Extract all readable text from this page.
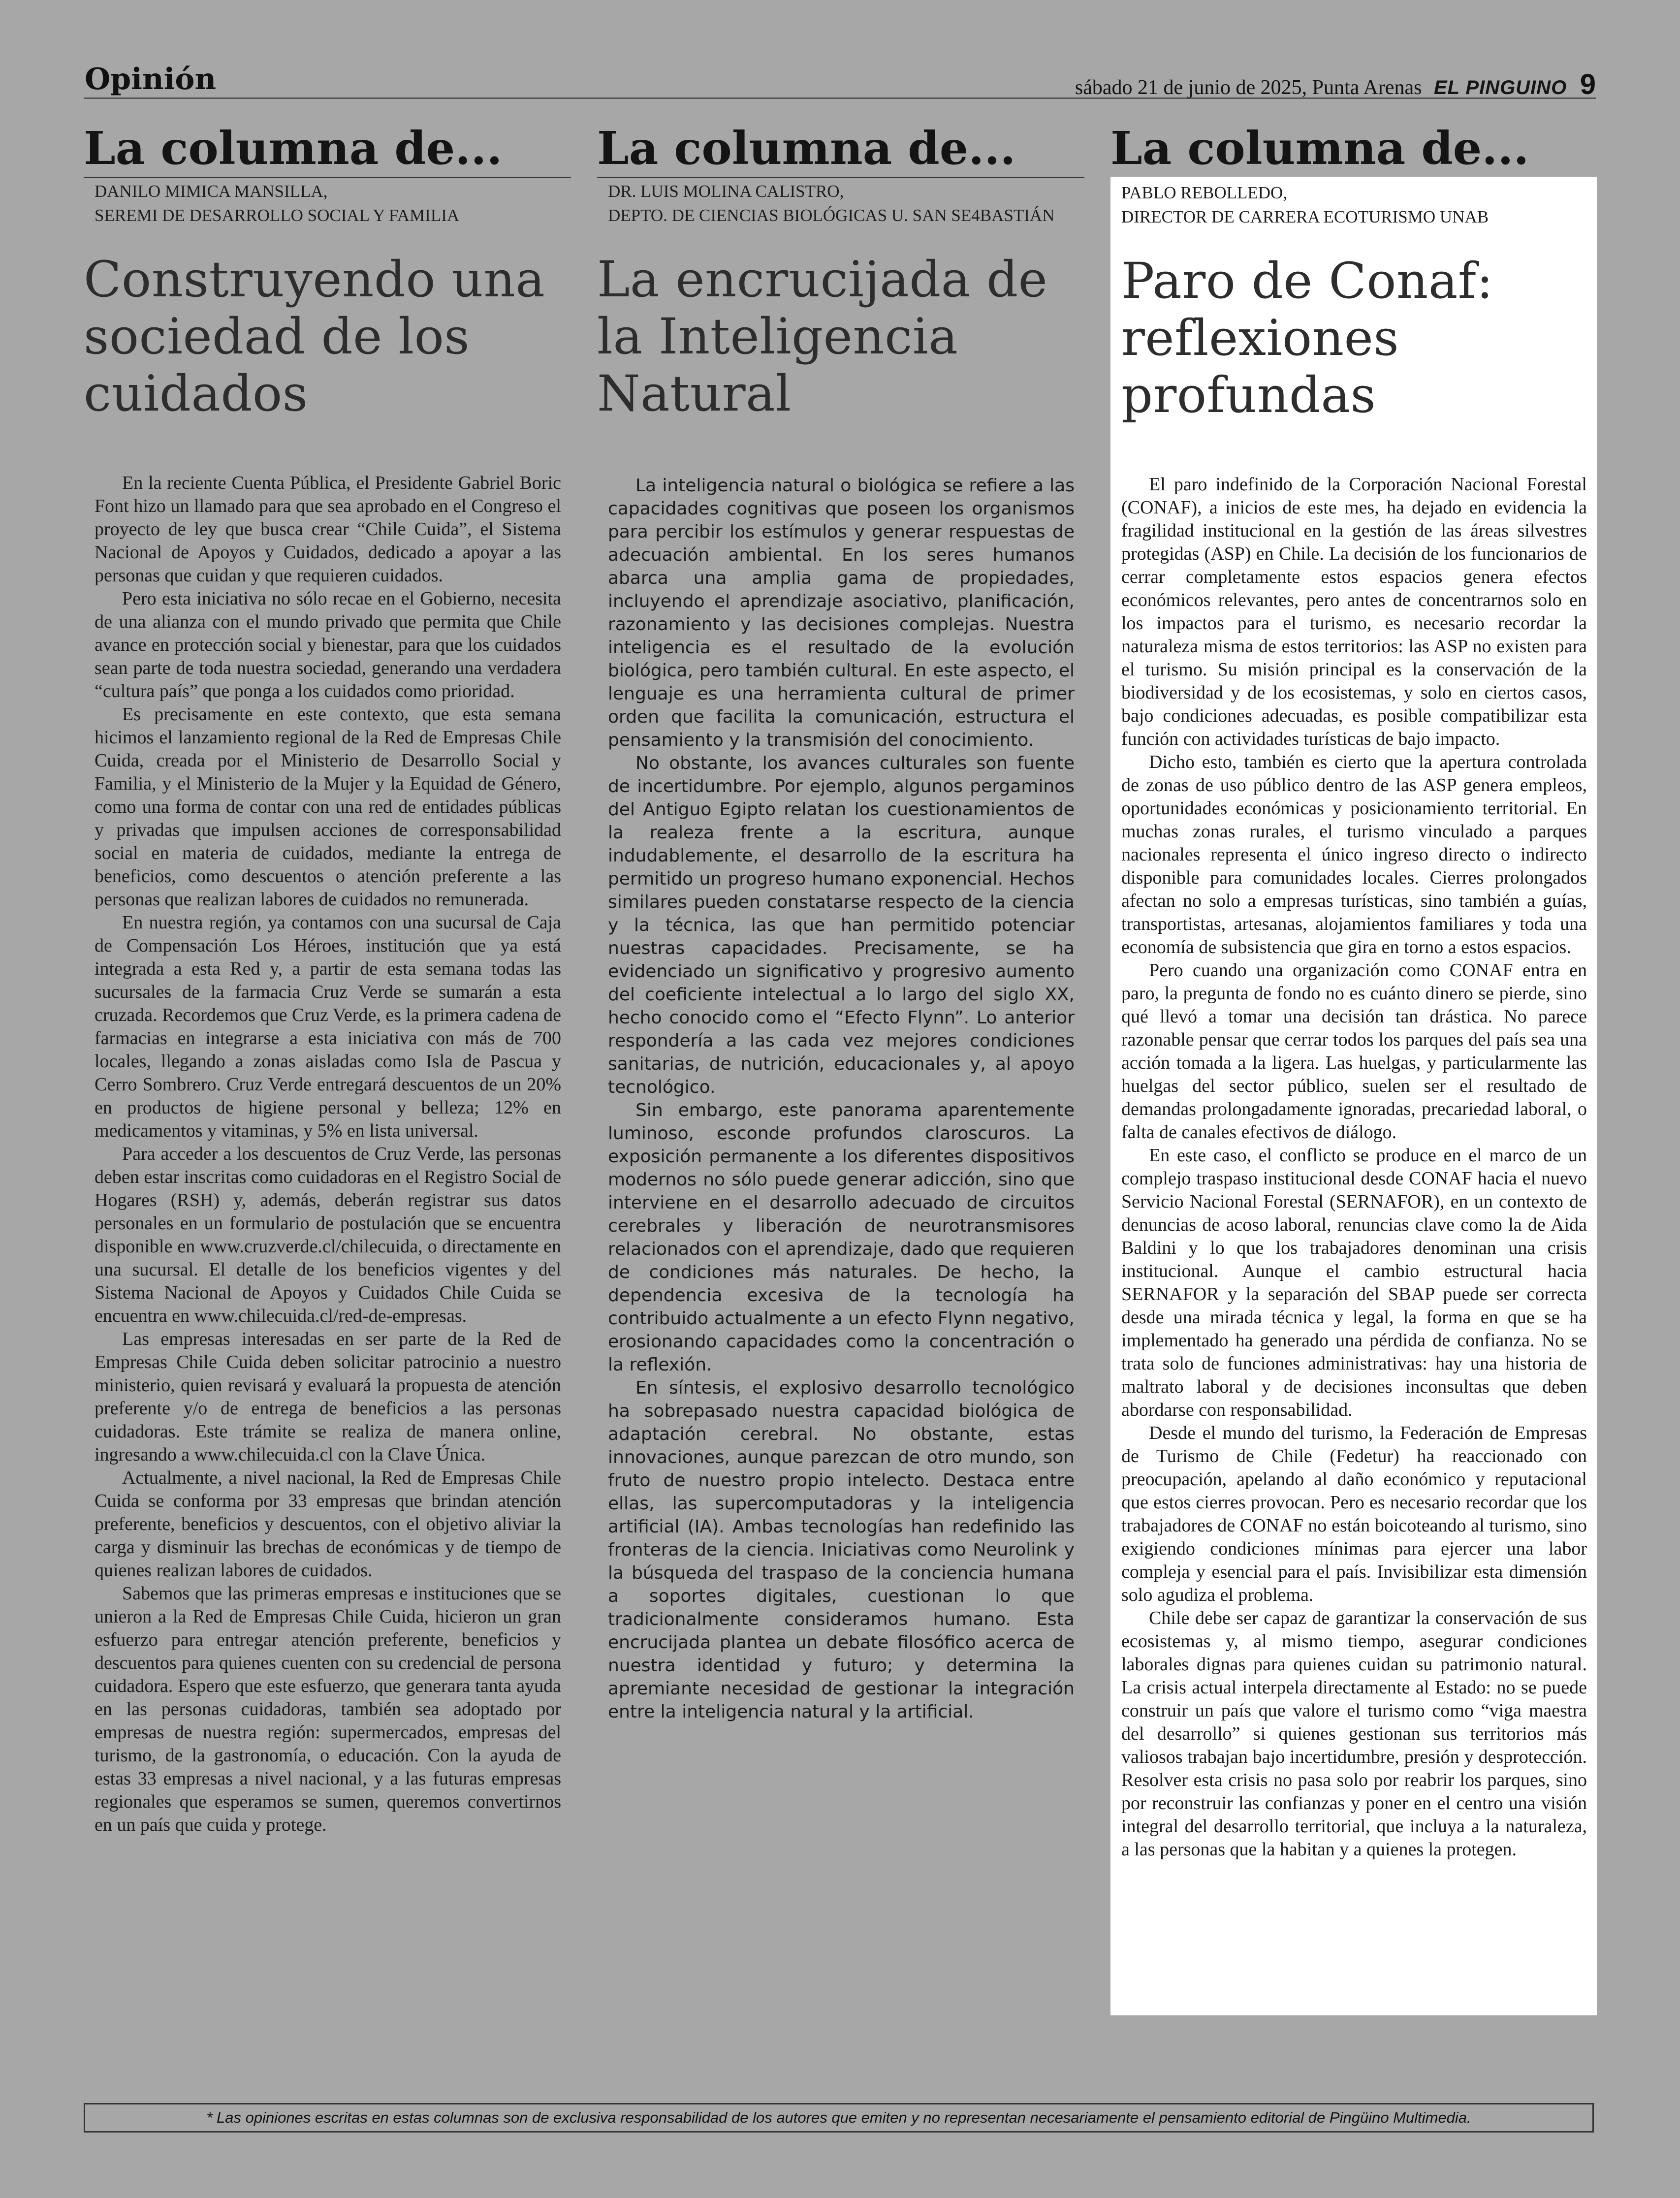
Opinión	sábado 21 de junio de 2025, Punta Arenas EL PINGUINO 9
La columna de...
DANILO MIMICA MANSILLA,
SEREMI DE DESARROLLO SOCIAL Y FAMILIA
Construyendo una sociedad de los cuidados

En la reciente Cuenta Pública, el Presidente Gabriel Boric Font hizo un llamado para que sea aprobado en el Congreso el proyecto de ley que busca crear “Chile Cuida”, el Sistema Nacional de Apoyos y Cuidados, dedicado a apoyar a las personas que cuidan y que requieren cuidados.

Pero esta iniciativa no sólo recae en el Gobierno, necesita de una alianza con el mundo privado que permita que Chile avance en protección social y bienestar, para que los cuidados sean parte de toda nuestra sociedad, generando una verdadera “cultura país” que ponga a los cuidados como prioridad.

Es precisamente en este contexto, que esta semana hicimos el lanzamiento regional de la Red de Empresas Chile Cuida, creada por el Ministerio de Desarrollo Social y Familia, y el Ministerio de la Mujer y la Equidad de Género, como una forma de contar con una red de entidades públicas y privadas que impulsen acciones de corresponsabilidad social en materia de cuidados, mediante la entrega de beneficios, como descuentos o atención preferente a las personas que realizan labores de cuidados no remunerada.

En nuestra región, ya contamos con una sucursal de Caja de Compensación Los Héroes, institución que ya está integrada a esta Red y, a partir de esta semana todas las sucursales de la farmacia Cruz Verde se sumarán a esta cruzada. Recordemos que Cruz Verde, es la primera cadena de farmacias en integrarse a esta iniciativa con más de 700 locales, llegando a zonas aisladas como Isla de Pascua y Cerro Sombrero. Cruz Verde entregará descuentos de un 20% en productos de higiene personal y belleza; 12% en medicamentos y vitaminas, y 5% en lista universal.

Para acceder a los descuentos de Cruz Verde, las personas deben estar inscritas como cuidadoras en el Registro Social de Hogares (RSH) y, además, deberán registrar sus datos personales en un formulario de postulación que se encuentra disponible en www.cruzverde.cl/chilecuida, o directamente en una sucursal. El detalle de los beneficios vigentes y del Sistema Nacional de Apoyos y Cuidados Chile Cuida se encuentra en www.chilecuida.cl/red-de-empresas.

Las empresas interesadas en ser parte de la Red de Empresas Chile Cuida deben solicitar patrocinio a nuestro ministerio, quien revisará y evaluará la propuesta de atención preferente y/o de entrega de beneficios a las personas cuidadoras. Este trámite se realiza de manera online, ingresando a www.chilecuida.cl con la Clave Única.

Actualmente, a nivel nacional, la Red de Empresas Chile Cuida se conforma por 33 empresas que brindan atención preferente, beneficios y descuentos, con el objetivo aliviar la carga y disminuir las brechas de económicas y de tiempo de quienes realizan labores de cuidados.

Sabemos que las primeras empresas e instituciones que se unieron a la Red de Empresas Chile Cuida, hicieron un gran esfuerzo para entregar atención preferente, beneficios y descuentos para quienes cuenten con su credencial de persona cuidadora. Espero que este esfuerzo, que generara tanta ayuda en las personas cuidadoras, también sea adoptado por empresas de nuestra región: supermercados, empresas del turismo, de la gastronomía, o educación. Con la ayuda de estas 33 empresas a nivel nacional, y a las futuras empresas regionales que esperamos se sumen, queremos convertirnos en un país que cuida y protege.

La columna de...
DR. LUIS MOLINA CALISTRO,
DEPTO. DE CIENCIAS BIOLÓGICAS U. SAN SE4BASTIÁN
La encrucijada de la Inteligencia Natural

La inteligencia natural o biológica se refiere a las capacidades cognitivas que poseen los organismos para percibir los estímulos y generar respuestas de adecuación ambiental. En los seres humanos abarca una amplia gama de propiedades, incluyendo el aprendizaje asociativo, planificación, razonamiento y las decisiones complejas. Nuestra inteligencia es el resultado de la evolución biológica, pero también cultural. En este aspecto, el lenguaje es una herramienta cultural de primer orden que facilita la comunicación, estructura el pensamiento y la transmisión del conocimiento.

No obstante, los avances culturales son fuente de incertidumbre. Por ejemplo, algunos pergaminos del Antiguo Egipto relatan los cuestionamientos de la realeza frente a la escritura, aunque indudablemente, el desarrollo de la escritura ha permitido un progreso humano exponencial. Hechos similares pueden constatarse respecto de la ciencia y la técnica, las que han permitido potenciar nuestras capacidades. Precisamente, se ha evidenciado un significativo y progresivo aumento del coeficiente intelectual a lo largo del siglo XX, hecho conocido como el “Efecto Flynn”. Lo anterior respondería a las cada vez mejores condiciones sanitarias, de nutrición, educacionales y, al apoyo tecnológico.

Sin embargo, este panorama aparentemente luminoso, esconde profundos claroscuros. La exposición permanente a los diferentes dispositivos modernos no sólo puede generar adicción, sino que interviene en el desarrollo adecuado de circuitos cerebrales y liberación de neurotransmisores relacionados con el aprendizaje, dado que requieren de condiciones más naturales. De hecho, la dependencia excesiva de la tecnología ha contribuido actualmente a un efecto Flynn negativo, erosionando capacidades como la concentración o la reflexión.

En síntesis, el explosivo desarrollo tecnológico ha sobrepasado nuestra capacidad biológica de adaptación cerebral. No obstante, estas innovaciones, aunque parezcan de otro mundo, son fruto de nuestro propio intelecto. Destaca entre ellas, las supercomputadoras y la inteligencia artificial (IA). Ambas tecnologías han redefinido las fronteras de la ciencia. Iniciativas como Neurolink y la búsqueda del traspaso de la conciencia humana a soportes digitales, cuestionan lo que tradicionalmente consideramos humano. Esta encrucijada plantea un debate filosófico acerca de nuestra identidad y futuro; y determina la apremiante necesidad de gestionar la integración entre la inteligencia natural y la artificial.

La columna de...
PABLO REBOLLEDO,
DIRECTOR DE CARRERA ECOTURISMO UNAB
Paro de Conaf: reflexiones profundas

El paro indefinido de la Corporación Nacional Forestal (CONAF), a inicios de este mes, ha dejado en evidencia la fragilidad institucional en la gestión de las áreas silvestres protegidas (ASP) en Chile. La decisión de los funcionarios de cerrar completamente estos espacios genera efectos económicos relevantes, pero antes de concentrarnos solo en los impactos para el turismo, es necesario recordar la naturaleza misma de estos territorios: las ASP no existen para el turismo. Su misión principal es la conservación de la biodiversidad y de los ecosistemas, y solo en ciertos casos, bajo condiciones adecuadas, es posible compatibilizar esta función con actividades turísticas de bajo impacto.

Dicho esto, también es cierto que la apertura controlada de zonas de uso público dentro de las ASP genera empleos, oportunidades económicas y posicionamiento territorial. En muchas zonas rurales, el turismo vinculado a parques nacionales representa el único ingreso directo o indirecto disponible para comunidades locales. Cierres prolongados afectan no solo a empresas turísticas, sino también a guías, transportistas, artesanas, alojamientos familiares y toda una economía de subsistencia que gira en torno a estos espacios.

Pero cuando una organización como CONAF entra en paro, la pregunta de fondo no es cuánto dinero se pierde, sino qué llevó a tomar una decisión tan drástica. No parece razonable pensar que cerrar todos los parques del país sea una acción tomada a la ligera. Las huelgas, y particularmente las huelgas del sector público, suelen ser el resultado de demandas prolongadamente ignoradas, precariedad laboral, o falta de canales efectivos de diálogo.

En este caso, el conflicto se produce en el marco de un complejo traspaso institucional desde CONAF hacia el nuevo Servicio Nacional Forestal (SERNAFOR), en un contexto de denuncias de acoso laboral, renuncias clave como la de Aida Baldini y lo que los trabajadores denominan una crisis institucional. Aunque el cambio estructural hacia SERNAFOR y la separación del SBAP puede ser correcta desde una mirada técnica y legal, la forma en que se ha implementado ha generado una pérdida de confianza. No se trata solo de funciones administrativas: hay una historia de maltrato laboral y de decisiones inconsultas que deben abordarse con responsabilidad.

Desde el mundo del turismo, la Federación de Empresas de Turismo de Chile (Fedetur) ha reaccionado con preocupación, apelando al daño económico y reputacional que estos cierres provocan. Pero es necesario recordar que los trabajadores de CONAF no están boicoteando al turismo, sino exigiendo condiciones mínimas para ejercer una labor compleja y esencial para el país. Invisibilizar esta dimensión solo agudiza el problema.

Chile debe ser capaz de garantizar la conservación de sus ecosistemas y, al mismo tiempo, asegurar condiciones laborales dignas para quienes cuidan su patrimonio natural. La crisis actual interpela directamente al Estado: no se puede construir un país que valore el turismo como “viga maestra del desarrollo” si quienes gestionan sus territorios más valiosos trabajan bajo incertidumbre, presión y desprotección. Resolver esta crisis no pasa solo por reabrir los parques, sino por reconstruir las confianzas y poner en el centro una visión integral del desarrollo territorial, que incluya a la naturaleza, a las personas que la habitan y a quienes la protegen.

* Las opiniones escritas en estas columnas son de exclusiva responsabilidad de los autores que emiten y no representan necesariamente el pensamiento editorial de Pingüino Multimedia.
